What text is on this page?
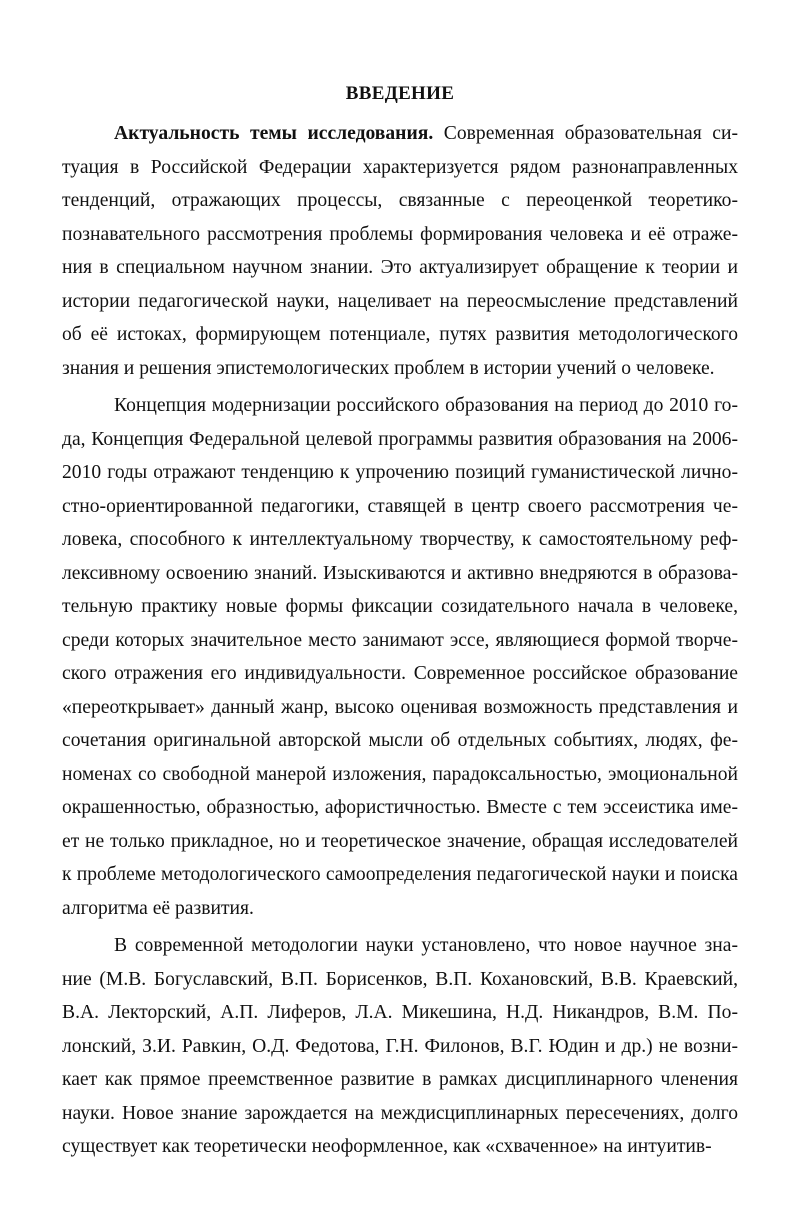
ВВЕДЕНИЕ

Актуальность темы исследования. Современная образовательная ситуация в Российской Федерации характеризуется рядом разнонаправленных тенденций, отражающих процессы, связанные с переоценкой теоретико-познавательного рассмотрения проблемы формирования человека и её отражения в специальном научном знании. Это актуализирует обращение к теории и истории педагогической науки, нацеливает на переосмысление представлений об её истоках, формирующем потенциале, путях развития методологического знания и решения эпистемологических проблем в истории учений о человеке.

Концепция модернизации российского образования на период до 2010 года, Концепция Федеральной целевой программы развития образования на 2006-2010 годы отражают тенденцию к упрочению позиций гуманистической личностно-ориентированной педагогики, ставящей в центр своего рассмотрения человека, способного к интеллектуальному творчеству, к самостоятельному рефлексивному освоению знаний. Изыскиваются и активно внедряются в образовательную практику новые формы фиксации созидательного начала в человеке, среди которых значительное место занимают эссе, являющиеся формой творческого отражения его индивидуальности. Современное российское образование «переоткрывает» данный жанр, высоко оценивая возможность представления и сочетания оригинальной авторской мысли об отдельных событиях, людях, феноменах со свободной манерой изложения, парадоксальностью, эмоциональной окрашенностью, образностью, афористичностью. Вместе с тем эссеистика имеет не только прикладное, но и теоретическое значение, обращая исследователей к проблеме методологического самоопределения педагогической науки и поиска алгоритма её развития.

В современной методологии науки установлено, что новое научное знание (М.В. Богуславский, В.П. Борисенков, В.П. Кохановский, В.В. Краевский, В.А. Лекторский, А.П. Лиферов, Л.А. Микешина, Н.Д. Никандров, В.М. Полонский, З.И. Равкин, О.Д. Федотова, Г.Н. Филонов, В.Г. Юдин и др.) не возникает как прямое преемственное развитие в рамках дисциплинарного членения науки. Новое знание зарождается на междисциплинарных пересечениях, долго существует как теоретически неоформленное, как «схваченное» на интуитив-
